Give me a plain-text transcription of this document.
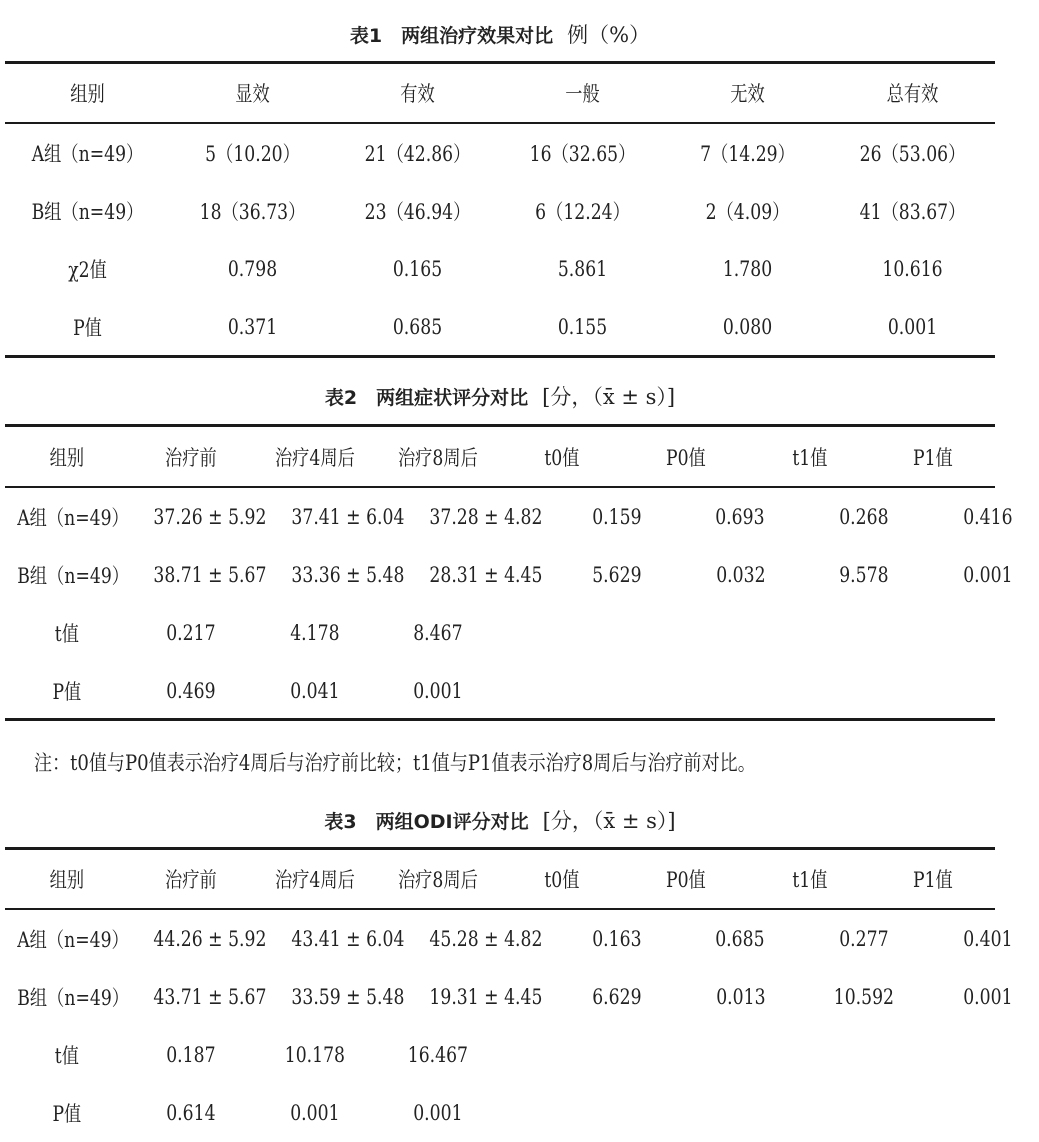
表1　两组治疗效果对比 例（%）
组别	显效	有效	一般	无效	总有效
A组（n=49）	5（10.20）	21（42.86）	16（32.65）	7（14.29）	26（53.06）
B组（n=49）	18（36.73）	23（46.94）	6（12.24）	2（4.09）	41（83.67）
χ2值	0.798	0.165	5.861	1.780	10.616
P值	0.371	0.685	0.155	0.080	0.001
表2　两组症状评分对比 [分，（x̄ ± s）]
组别	治疗前	治疗4周后	治疗8周后	t0值	P0值	t1值	P1值
A组（n=49） 37.26 ± 5.92 37.41 ± 6.04 37.28 ± 4.82	0.159	0.693	0.268	0.416
B组（n=49） 38.71 ± 5.67 33.36 ± 5.48 28.31 ± 4.45	5.629	0.032	9.578	0.001
t值	0.217	4.178	8.467
P值	0.469	0.041	0.001
注：t0值与P0值表示治疗4周后与治疗前比较；t1值与P1值表示治疗8周后与治疗前对比。
表3　两组ODI评分对比 [分，（x̄ ± s）]
组别	治疗前	治疗4周后	治疗8周后	t0值	P0值	t1值	P1值
A组（n=49） 44.26 ± 5.92 43.41 ± 6.04 45.28 ± 4.82	0.163	0.685	0.277	0.401
B组（n=49） 43.71 ± 5.67 33.59 ± 5.48 19.31 ± 4.45	6.629	0.013	10.592	0.001
t值	0.187	10.178	16.467
P值	0.614	0.001	0.001
